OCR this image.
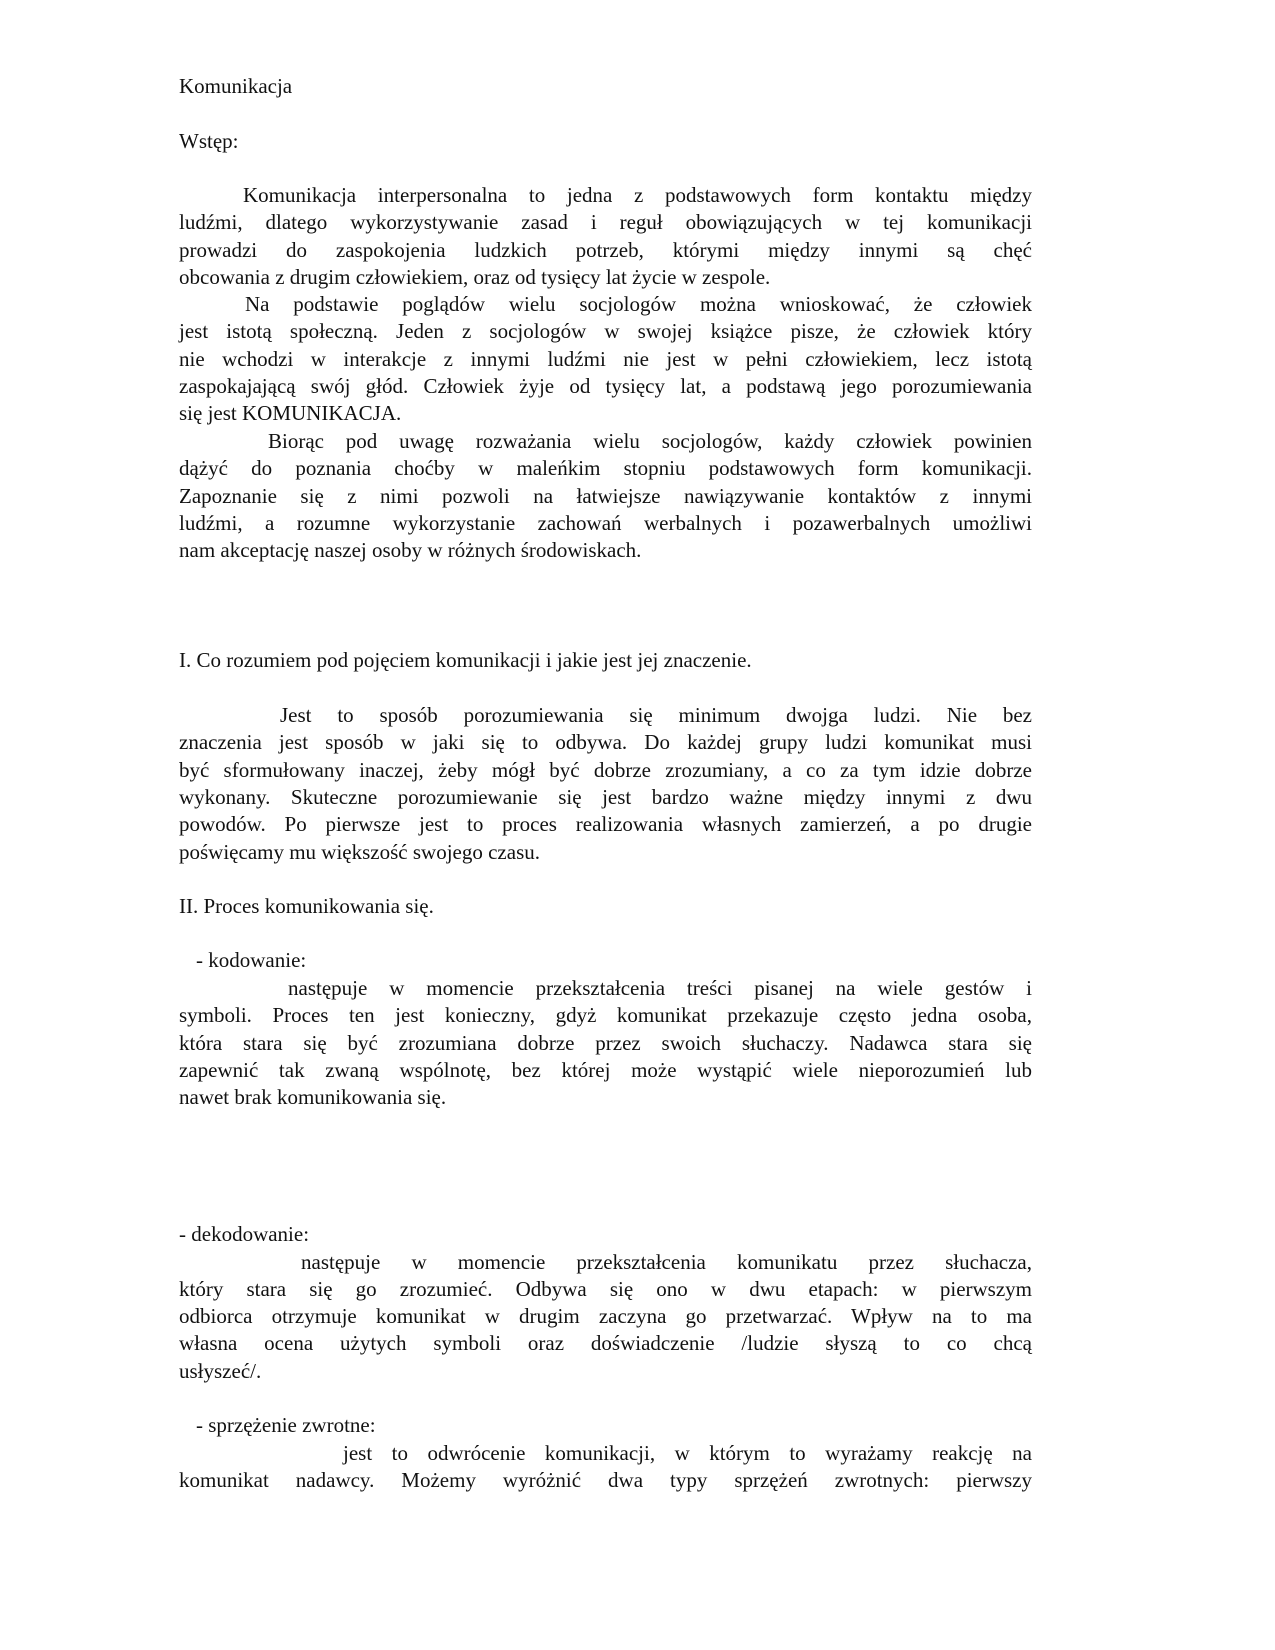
Komunikacja
Wstęp:
Komunikacja interpersonalna to jedna z podstawowych form kontaktu między
ludźmi, dlatego wykorzystywanie zasad i reguł obowiązujących w tej komunikacji
prowadzi do zaspokojenia ludzkich potrzeb, którymi między innymi są chęć
obcowania z drugim człowiekiem, oraz od tysięcy lat życie w zespole.
Na podstawie poglądów wielu socjologów można wnioskować, że człowiek
jest istotą społeczną. Jeden z socjologów w swojej książce pisze, że człowiek który
nie wchodzi w interakcje z innymi ludźmi nie jest w pełni człowiekiem, lecz istotą
zaspokajającą swój głód. Człowiek żyje od tysięcy lat, a podstawą jego porozumiewania
się jest KOMUNIKACJA.
Biorąc pod uwagę rozważania wielu socjologów, każdy człowiek powinien
dążyć do poznania choćby w maleńkim stopniu podstawowych form komunikacji.
Zapoznanie się z nimi pozwoli na łatwiejsze nawiązywanie kontaktów z innymi
ludźmi, a rozumne wykorzystanie zachowań werbalnych i pozawerbalnych umożliwi
nam akceptację naszej osoby w różnych środowiskach.
I. Co rozumiem pod pojęciem komunikacji i jakie jest jej znaczenie.
Jest to sposób porozumiewania się minimum dwojga ludzi. Nie bez
znaczenia jest sposób w jaki się to odbywa. Do każdej grupy ludzi komunikat musi
być sformułowany inaczej, żeby mógł być dobrze zrozumiany, a co za tym idzie dobrze
wykonany. Skuteczne porozumiewanie się jest bardzo ważne między innymi z dwu
powodów. Po pierwsze jest to proces realizowania własnych zamierzeń, a po drugie
poświęcamy mu większość swojego czasu.
II. Proces komunikowania się.
- kodowanie:
następuje w momencie przekształcenia treści pisanej na wiele gestów i
symboli. Proces ten jest konieczny, gdyż komunikat przekazuje często jedna osoba,
która stara się być zrozumiana dobrze przez swoich słuchaczy. Nadawca stara się
zapewnić tak zwaną wspólnotę, bez której może wystąpić wiele nieporozumień lub
nawet brak komunikowania się.
- dekodowanie:
następuje w momencie przekształcenia komunikatu przez słuchacza,
który stara się go zrozumieć. Odbywa się ono w dwu etapach: w pierwszym
odbiorca otrzymuje komunikat w drugim zaczyna go przetwarzać. Wpływ na to ma
własna ocena użytych symboli oraz doświadczenie /ludzie słyszą to co chcą
usłyszeć/.
- sprzężenie zwrotne:
jest to odwrócenie komunikacji, w którym to wyrażamy reakcję na
komunikat nadawcy. Możemy wyróżnić dwa typy sprzężeń zwrotnych: pierwszy
